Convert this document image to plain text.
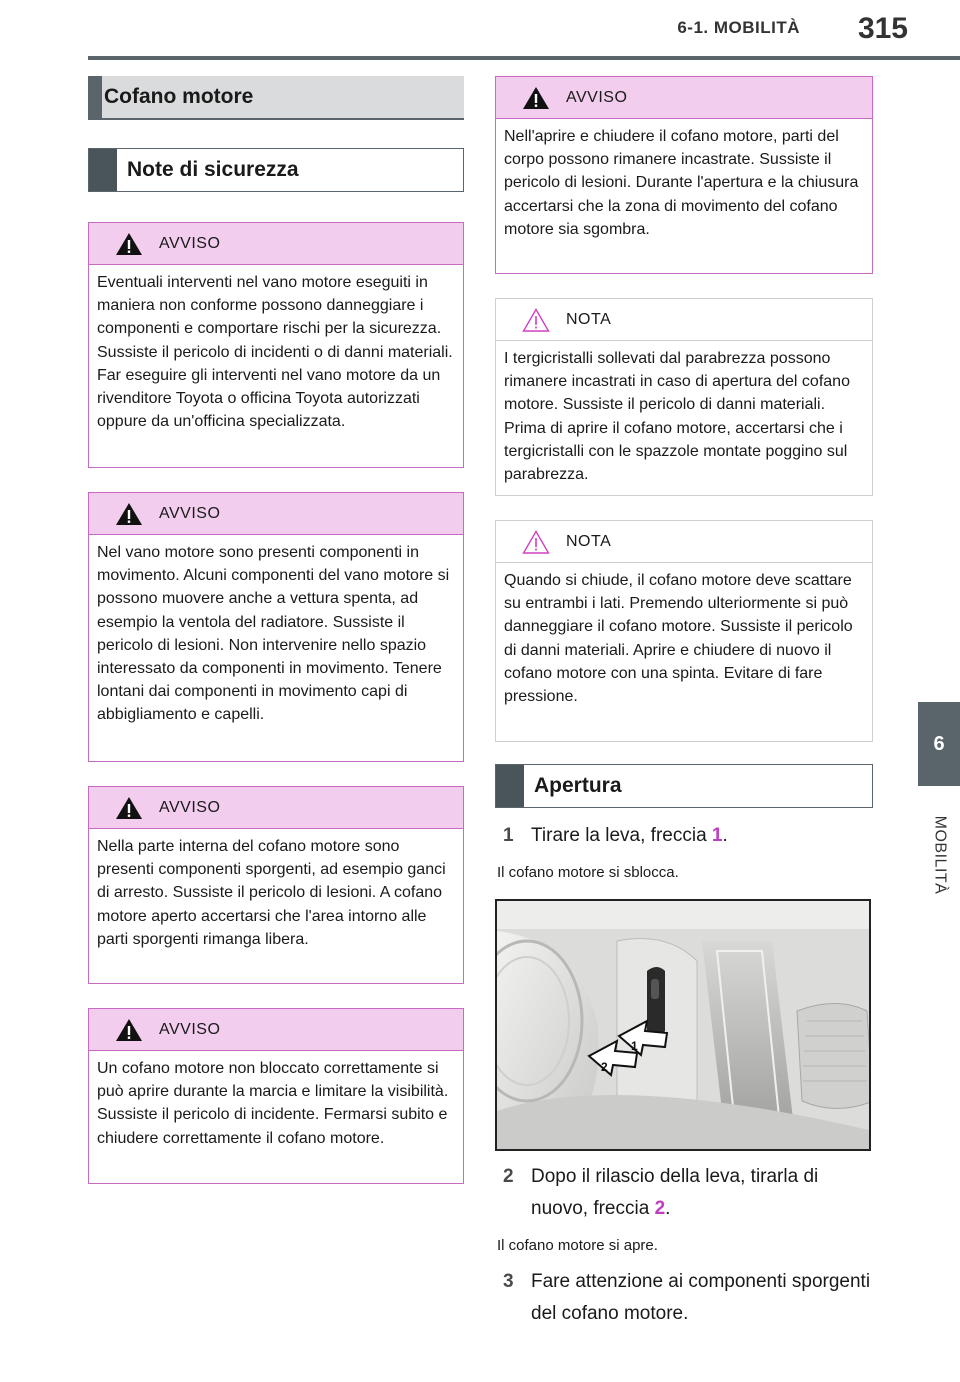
6-1. MOBILITÀ 315
6
MOBILITÀ
Cofano motore
Note di sicurezza
AVVISO
Eventuali interventi nel vano motore eseguiti in maniera non conforme possono danneggiare i componenti e comportare rischi per la sicurezza. Sussiste il pericolo di incidenti o di danni materiali. Far eseguire gli interventi nel vano motore da un rivenditore Toyota o officina Toyota autorizzati oppure da un'officina specializzata.
AVVISO
Nel vano motore sono presenti componenti in movimento. Alcuni componenti del vano motore si possono muovere anche a vettura spenta, ad esempio la ventola del radiatore. Sussiste il pericolo di lesioni. Non intervenire nello spazio interessato da componenti in movimento. Tenere lontani dai componenti in movimento capi di abbigliamento e capelli.
AVVISO
Nella parte interna del cofano motore sono presenti componenti sporgenti, ad esempio ganci di arresto. Sussiste il pericolo di lesioni. A cofano motore aperto accertarsi che l'area intorno alle parti sporgenti rimanga libera.
AVVISO
Un cofano motore non bloccato correttamente si può aprire durante la marcia e limitare la visibilità. Sussiste il pericolo di incidente. Fermarsi subito e chiudere correttamente il cofano motore.
AVVISO
Nell'aprire e chiudere il cofano motore, parti del corpo possono rimanere incastrate. Sussiste il pericolo di lesioni. Durante l'apertura e la chiusura accertarsi che la zona di movimento del cofano motore sia sgombra.
NOTA
I tergicristalli sollevati dal parabrezza possono rimanere incastrati in caso di apertura del cofano motore. Sussiste il pericolo di danni materiali. Prima di aprire il cofano motore, accertarsi che i tergicristalli con le spazzole montate poggino sul parabrezza.
NOTA
Quando si chiude, il cofano motore deve scattare su entrambi i lati. Premendo ulteriormente si può danneggiare il cofano motore. Sussiste il pericolo di danni materiali. Aprire e chiudere di nuovo il cofano motore con una spinta. Evitare di fare pressione.
Apertura
1 Tirare la leva, freccia 1.
Il cofano motore si sblocca.
1
2
2 Dopo il rilascio della leva, tirarla di nuovo, freccia 2.
Il cofano motore si apre.
3 Fare attenzione ai componenti sporgenti del cofano motore.
